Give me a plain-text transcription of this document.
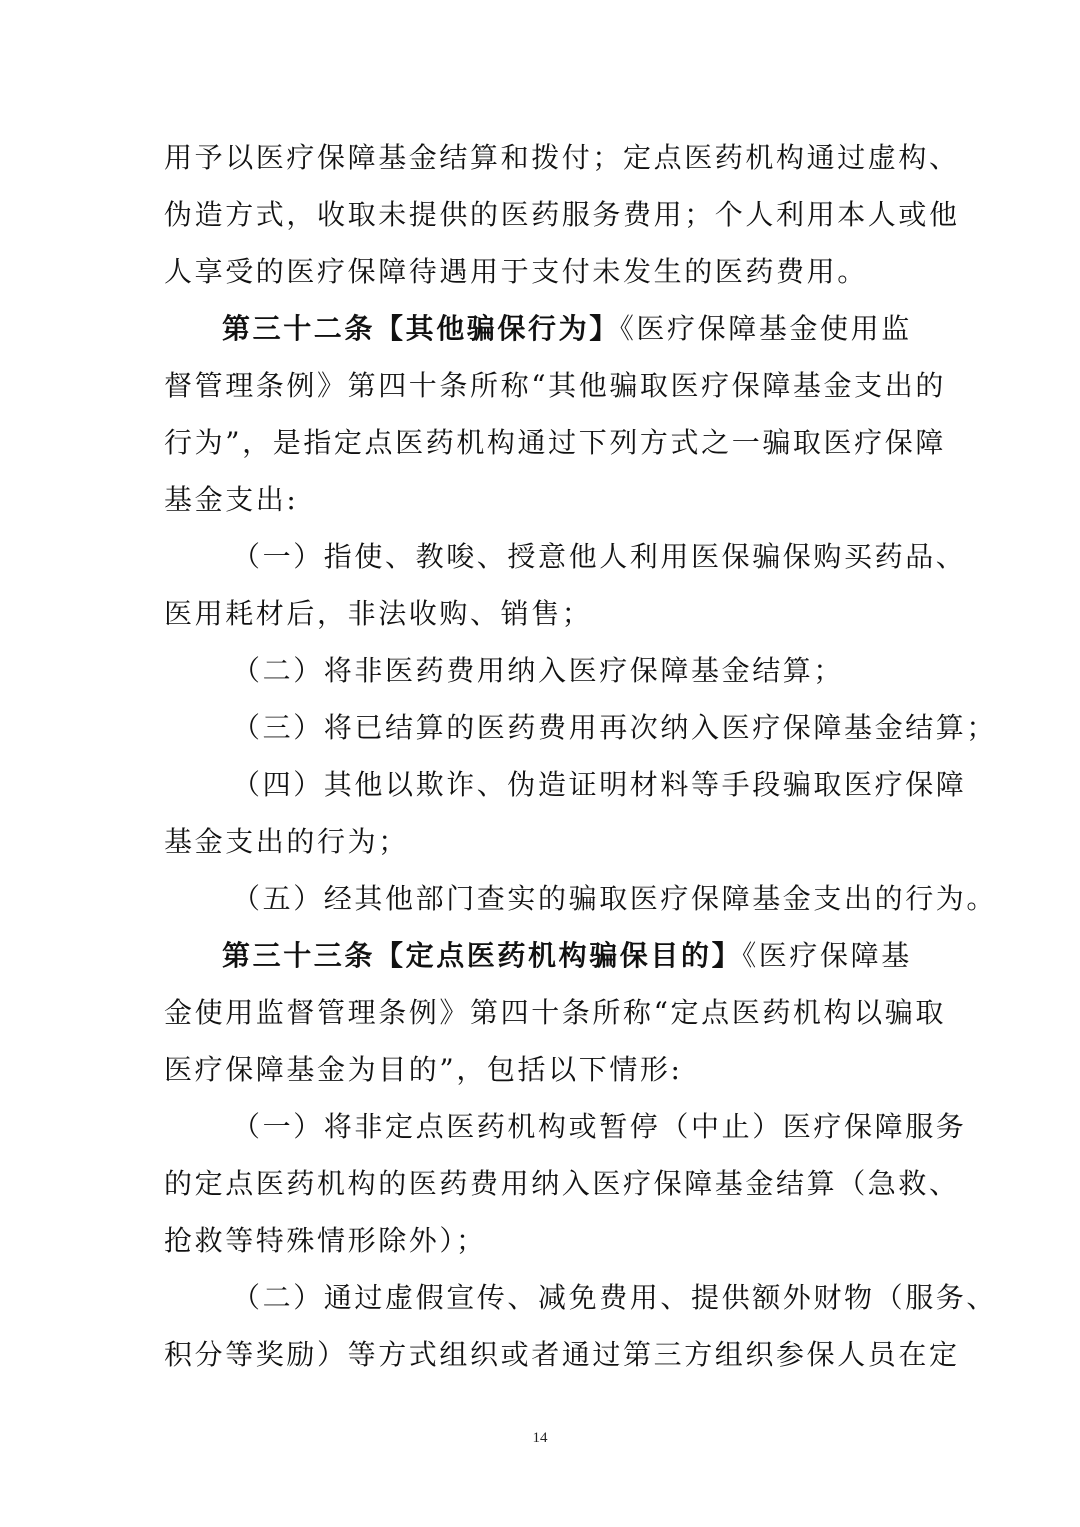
用予以医疗保障基金结算和拨付；定点医药机构通过虚构、
伪造方式，收取未提供的医药服务费用；个人利用本人或他
人享受的医疗保障待遇用于支付未发生的医药费用。
第三十二条【其他骗保行为】《医疗保障基金使用监
督管理条例》第四十条所称“其他骗取医疗保障基金支出的
行为”，是指定点医药机构通过下列方式之一骗取医疗保障
基金支出:
（一）指使、教唆、授意他人利用医保骗保购买药品、
医用耗材后，非法收购、销售；
（二）将非医药费用纳入医疗保障基金结算；
（三）将已结算的医药费用再次纳入医疗保障基金结算；
（四）其他以欺诈、伪造证明材料等手段骗取医疗保障
基金支出的行为；
（五）经其他部门查实的骗取医疗保障基金支出的行为。
第三十三条【定点医药机构骗保目的】《医疗保障基
金使用监督管理条例》第四十条所称“定点医药机构以骗取
医疗保障基金为目的”，包括以下情形:
（一）将非定点医药机构或暂停（中止）医疗保障服务
的定点医药机构的医药费用纳入医疗保障基金结算（急救、
抢救等特殊情形除外）；
（二）通过虚假宣传、减免费用、提供额外财物（服务、
积分等奖励）等方式组织或者通过第三方组织参保人员在定
14
